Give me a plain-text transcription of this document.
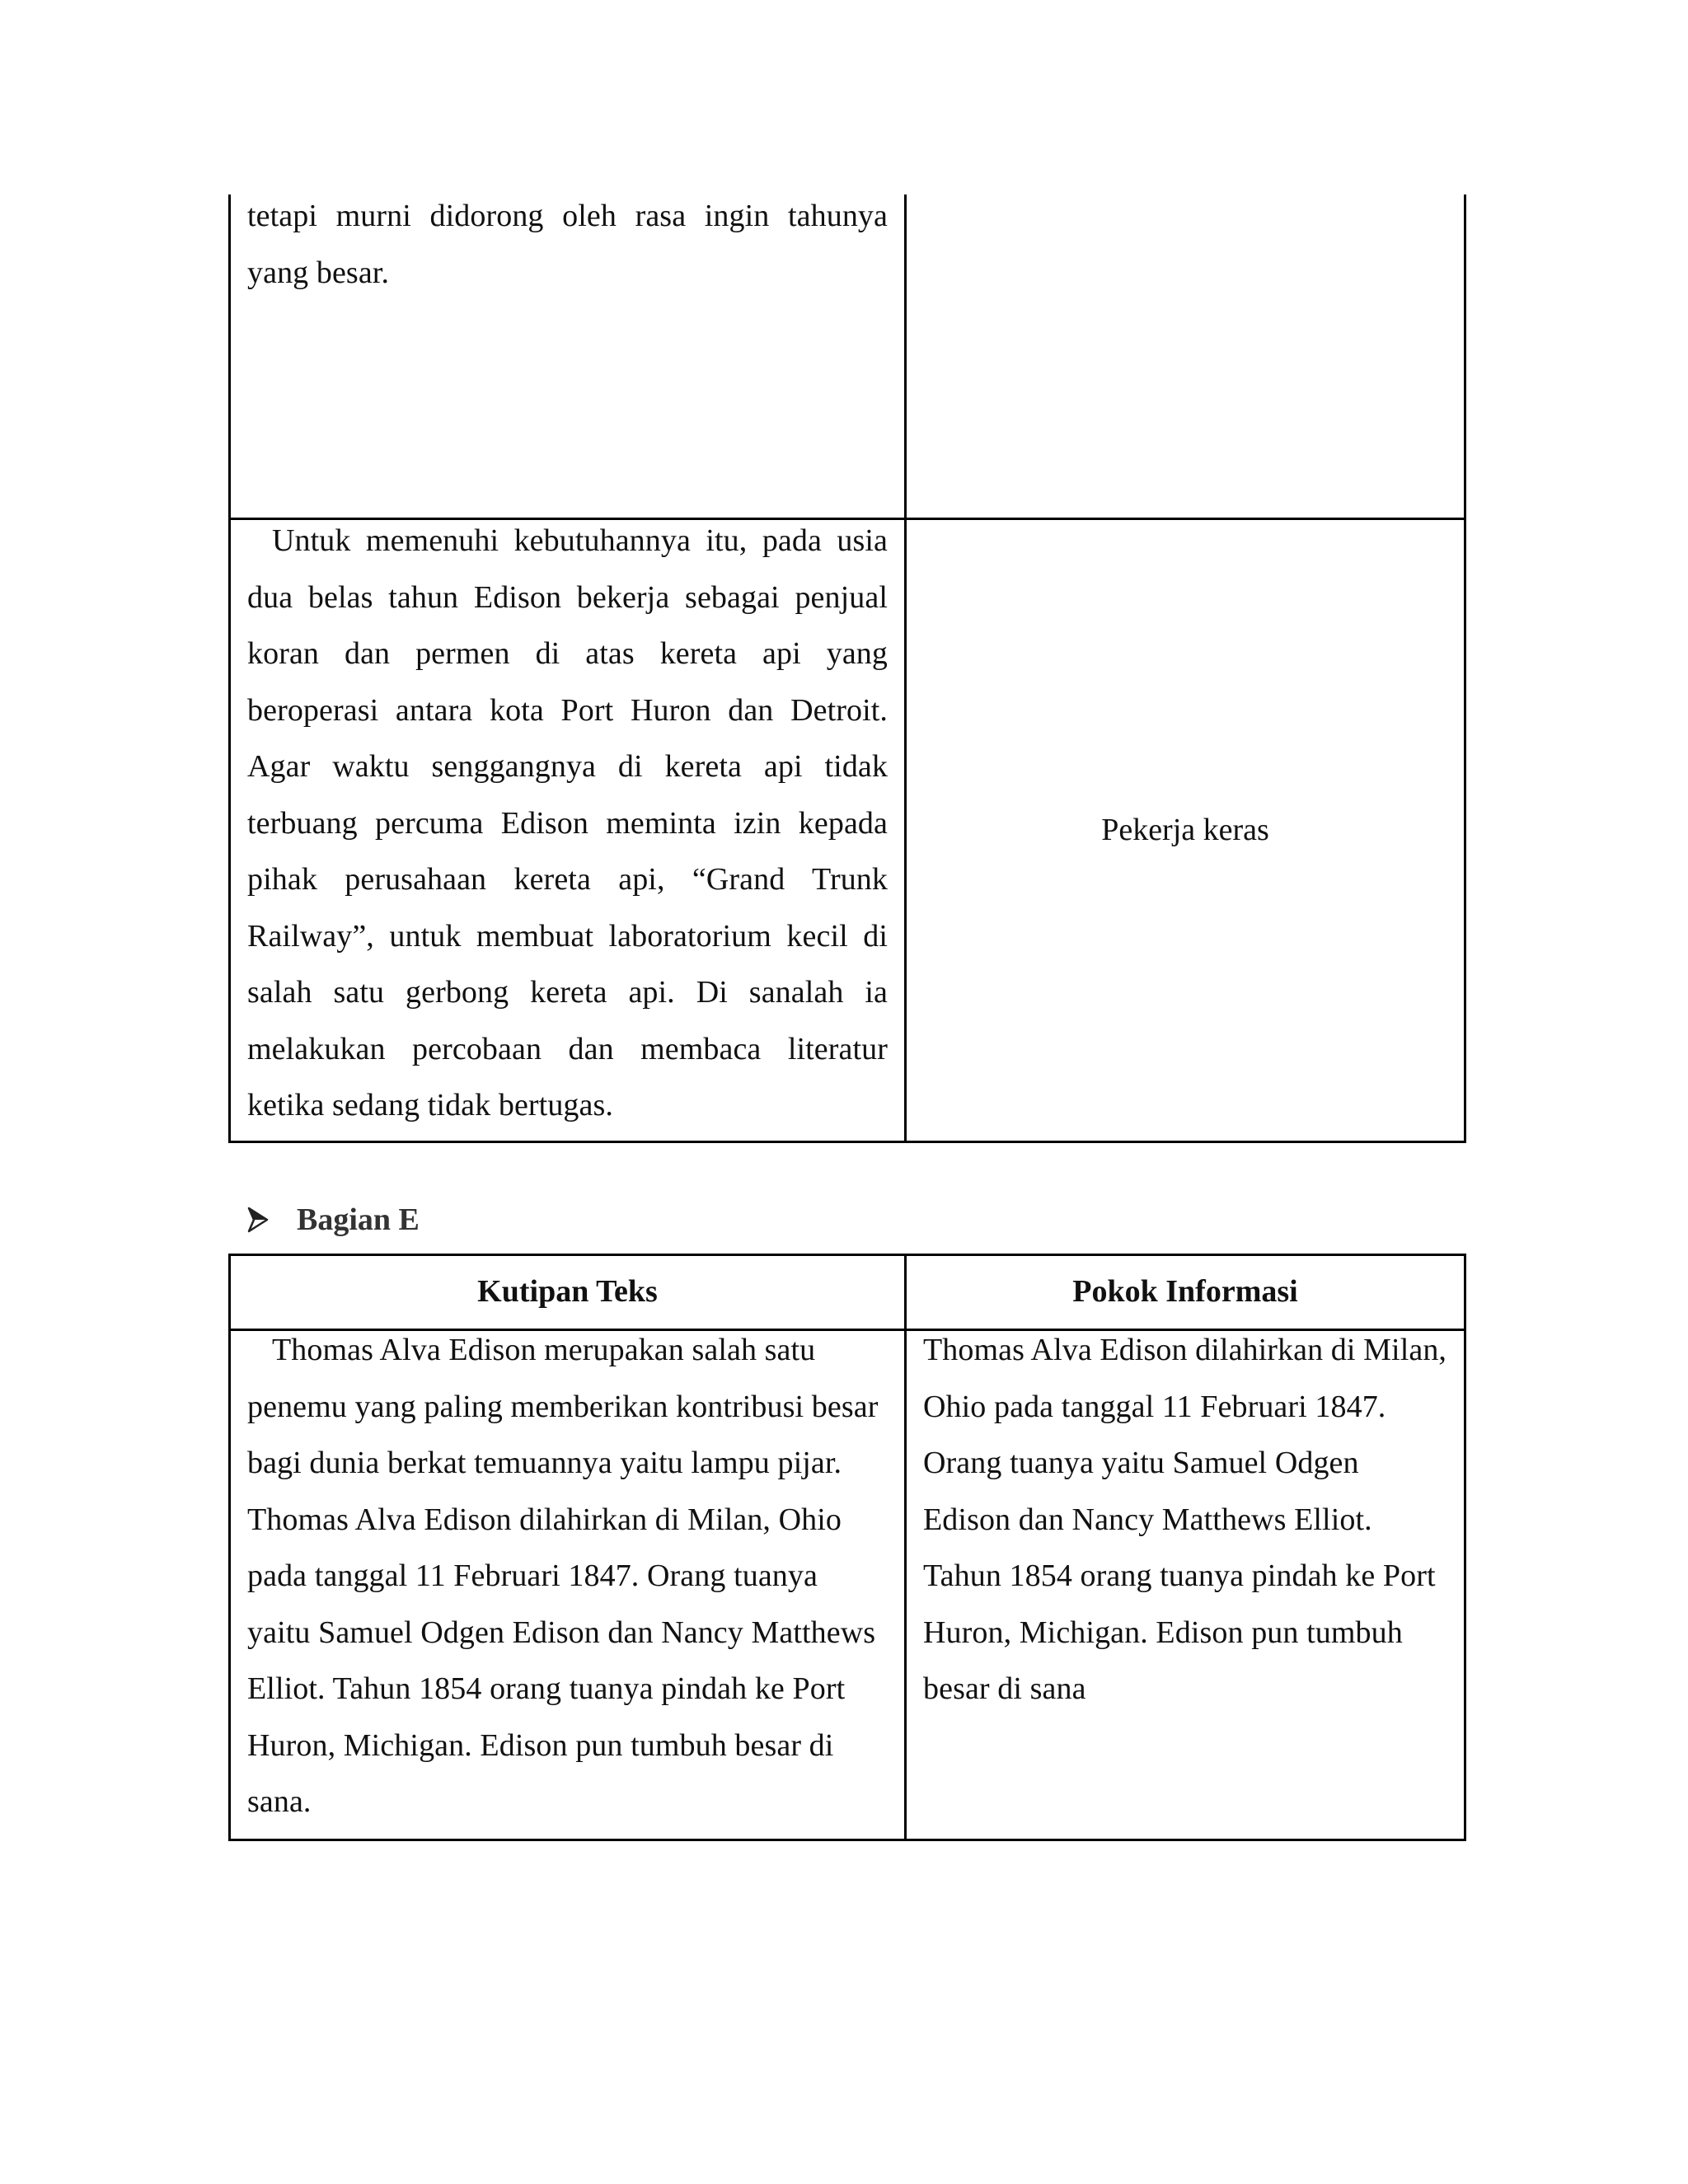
tetapi murni didorong oleh rasa ingin tahunya yang besar.

Untuk memenuhi kebutuhannya itu, pada usia dua belas tahun Edison bekerja sebagai penjual koran dan permen di atas kereta api yang beroperasi antara kota Port Huron dan Detroit. Agar waktu senggangnya di kereta api tidak terbuang percuma Edison meminta izin kepada pihak perusahaan kereta api, “Grand Trunk Railway”, untuk membuat laboratorium kecil di salah satu gerbong kereta api. Di sanalah ia melakukan percobaan dan membaca literatur ketika sedang tidak bertugas.

Pekerja keras
Bagian E
Kutipan Teks	Pokok Informasi

Thomas Alva Edison merupakan salah satu penemu yang paling memberikan kontribusi besar bagi dunia berkat temuannya yaitu lampu pijar. Thomas Alva Edison dilahirkan di Milan, Ohio pada tanggal 11 Februari 1847. Orang tuanya yaitu Samuel Odgen Edison dan Nancy Matthews Elliot. Tahun 1854 orang tuanya pindah ke Port Huron, Michigan. Edison pun tumbuh besar di sana.

Thomas Alva Edison dilahirkan di Milan, Ohio pada tanggal 11 Februari 1847. Orang tuanya yaitu Samuel Odgen Edison dan Nancy Matthews Elliot. Tahun 1854 orang tuanya pindah ke Port Huron, Michigan. Edison pun tumbuh besar di sana
